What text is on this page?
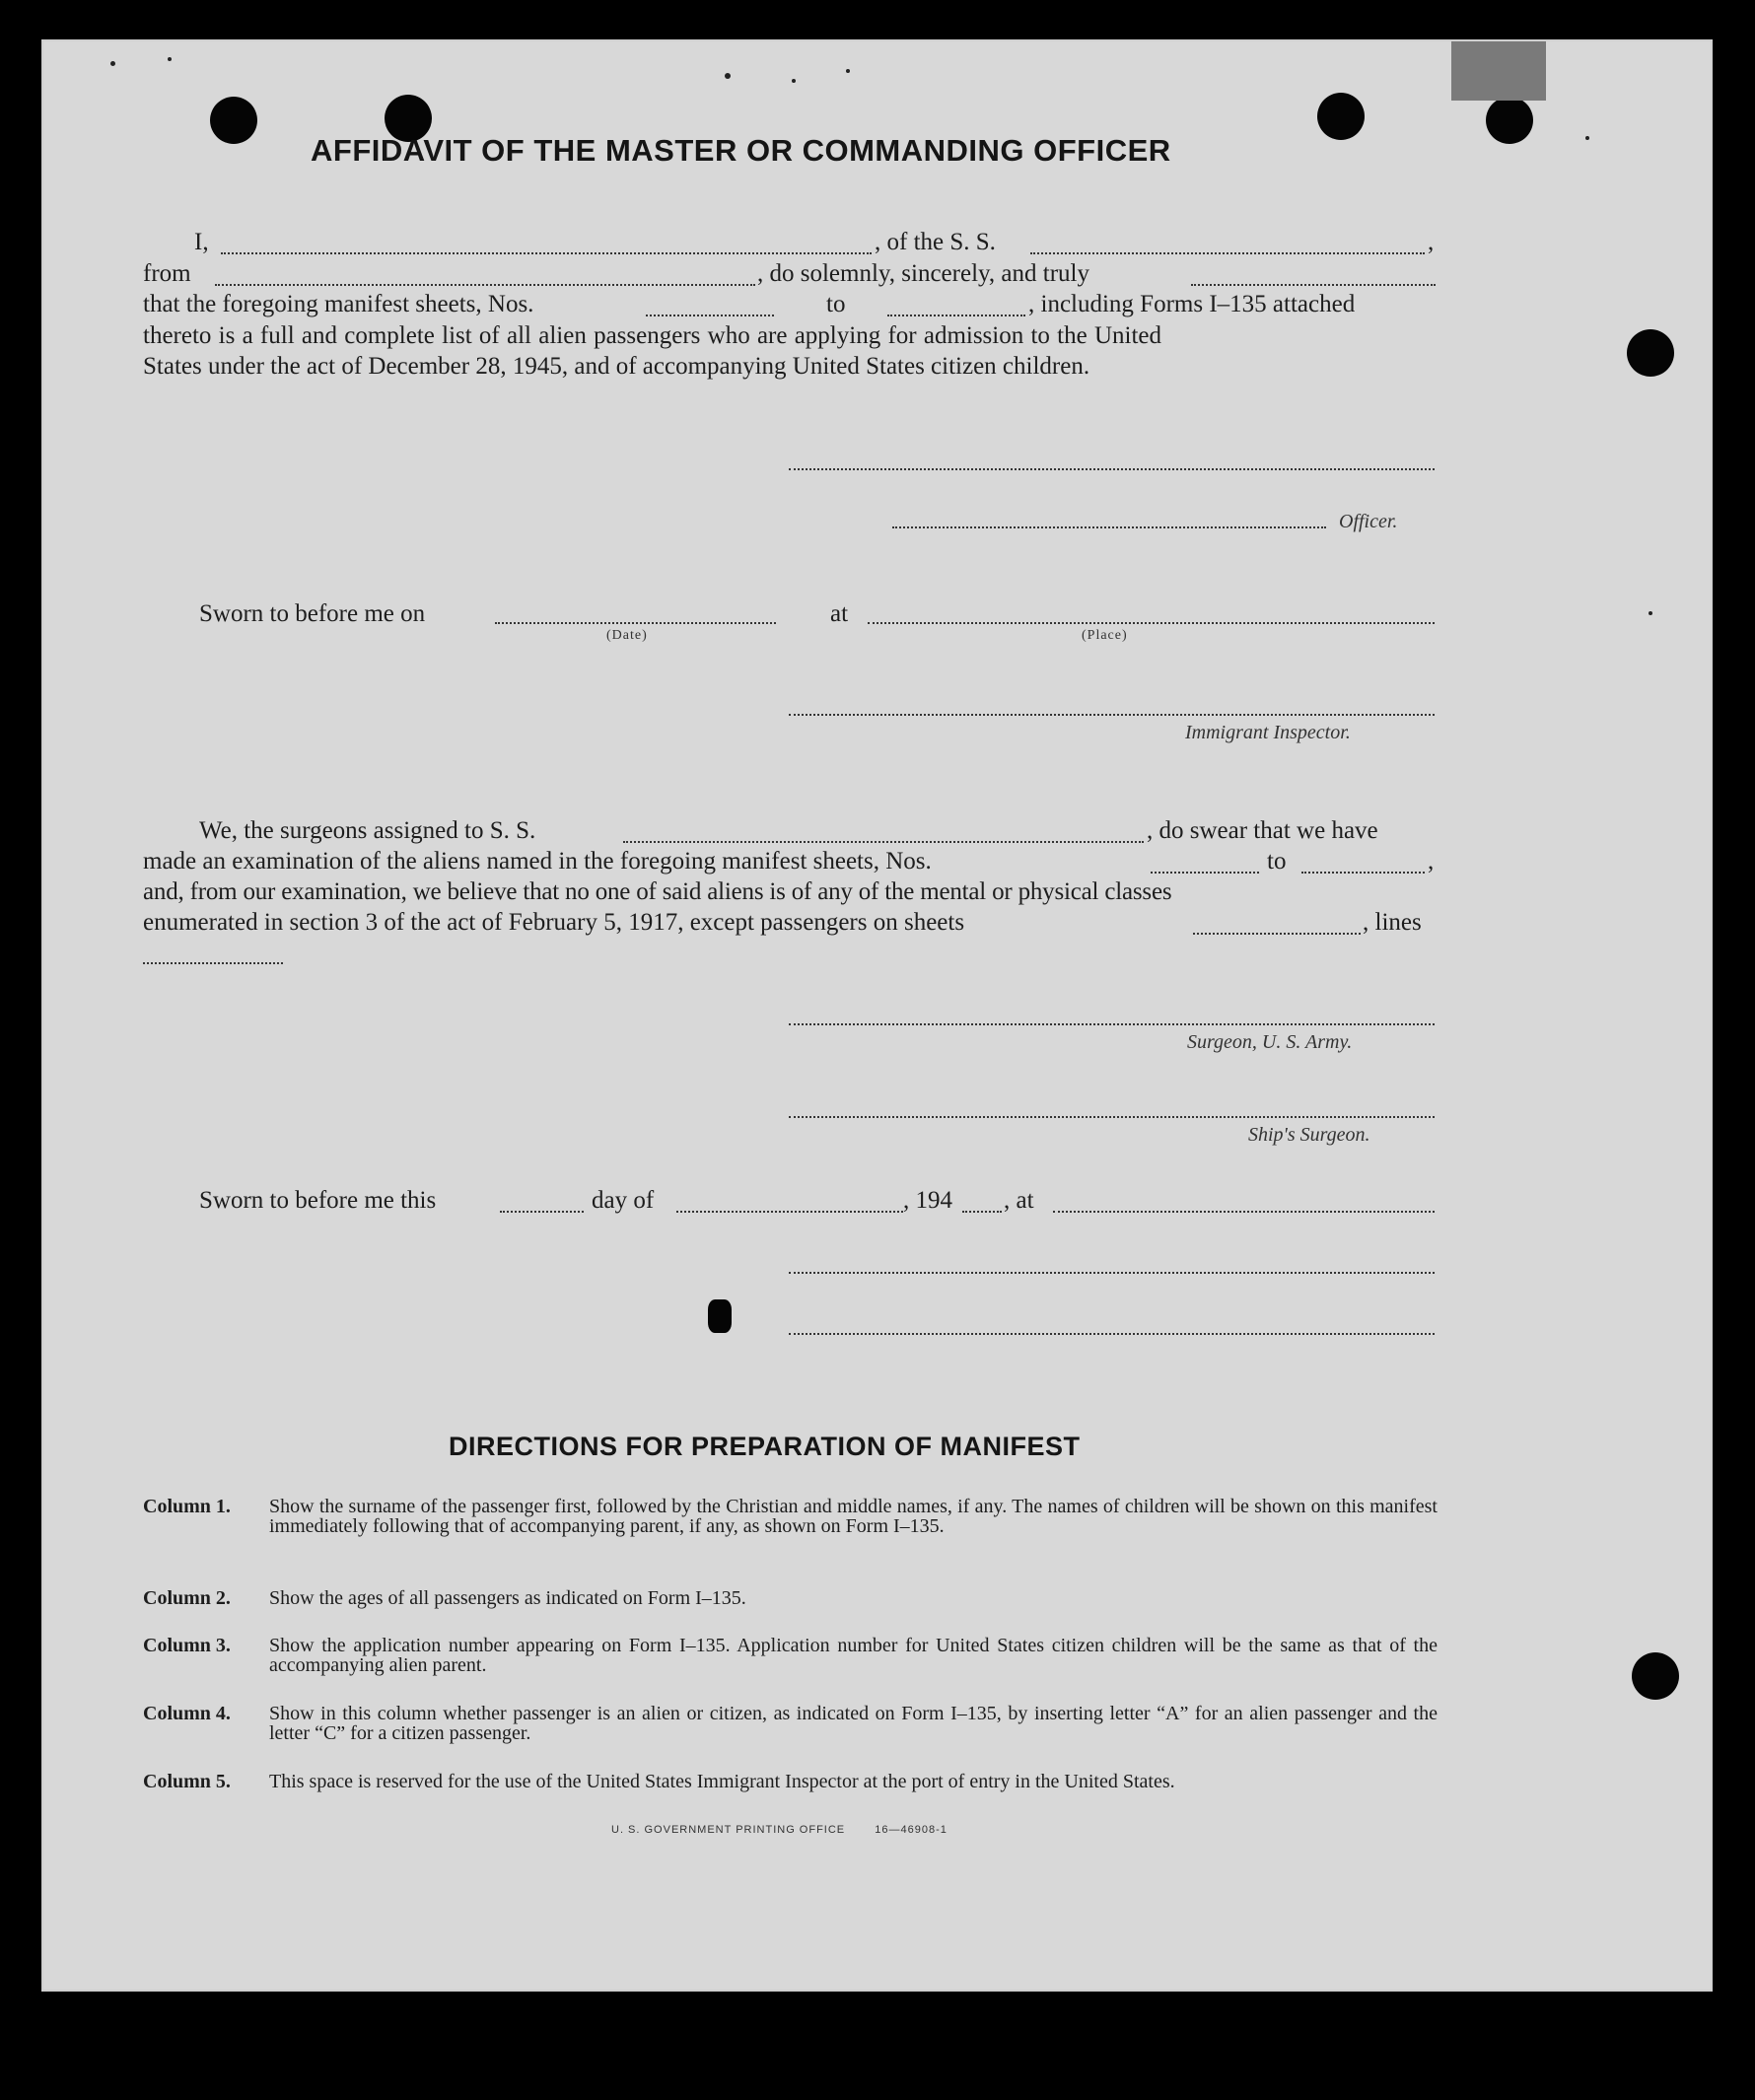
AFFIDAVIT OF THE MASTER OR COMMANDING OFFICER
I,	, of the S. S.	,
from	, do solemnly, sincerely, and truly
that the foregoing manifest sheets, Nos.	to	, including Forms I–135 attached
thereto is a full and complete list of all alien passengers who are applying for admission to the United
States under the act of December 28, 1945, and of accompanying United States citizen children.
Officer.
Sworn to before me on
(Date)
at
(Place)
Immigrant Inspector.
We, the surgeons assigned to S. S.	, do swear that we have
made an examination of the aliens named in the foregoing manifest sheets, Nos.	to	,
and, from our examination, we believe that no one of said aliens is of any of the mental or physical classes
enumerated in section 3 of the act of February 5, 1917, except passengers on sheets	, lines
Surgeon, U. S. Army.
Ship's Surgeon.
Sworn to before me this	day of	, 194 , at
DIRECTIONS FOR PREPARATION OF MANIFEST
Column 1. Show the surname of the passenger first, followed by the Christian and middle names, if any. The names of children will be shown on this manifest immediately following that of accompanying parent, if any, as shown on Form I–135.
Column 2. Show the ages of all passengers as indicated on Form I–135.
Column 3. Show the application number appearing on Form I–135. Application number for United States citizen children will be the same as that of the accompanying alien parent.
Column 4. Show in this column whether passenger is an alien or citizen, as indicated on Form I–135, by inserting letter “A” for an alien passenger and the letter “C” for a citizen passenger.
Column 5. This space is reserved for the use of the United States Immigrant Inspector at the port of entry in the United States.
U. S. GOVERNMENT PRINTING OFFICE	16—46908-1
